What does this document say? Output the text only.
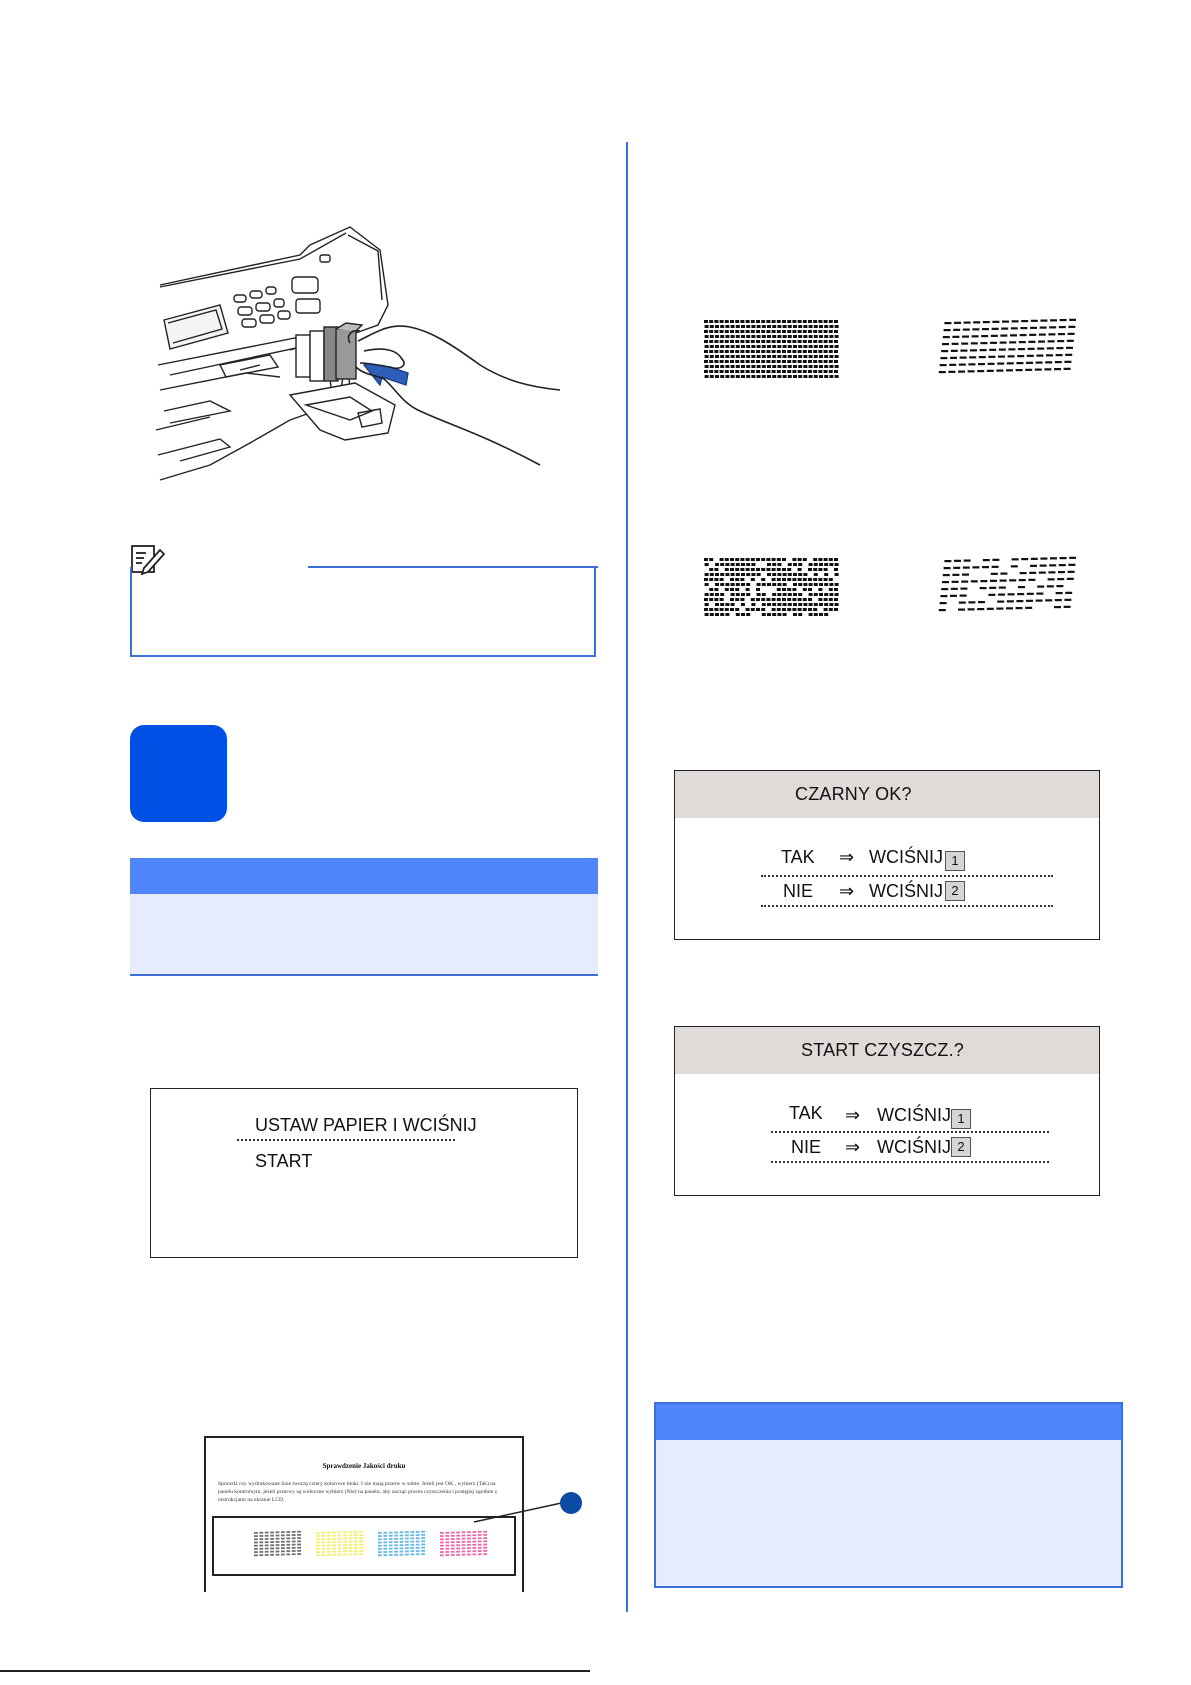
USTAW PAPIER I WCIŚNIJ
START
Sprawdzenie Jakości druku
Sprawdź czy wydrukowane linie tworzą cztery kolorowe bloki. I nie mają przerw w sobie. Jeżeli jest OK., wybierz (Tak) na panelu kontrolnym, jeżeli przerwy są widoczne wybierz (Nie) na panelu, aby zacząć proces czyszczenia i postępuj zgodnie z instrukcjami na ekranie LCD.
CZARNY OK?
TAK ⇒ WCIŚNIJ 1
NIE ⇒ WCIŚNIJ 2
START CZYSZCZ.?
TAK ⇒ WCIŚNIJ 1
NIE ⇒ WCIŚNIJ 2
